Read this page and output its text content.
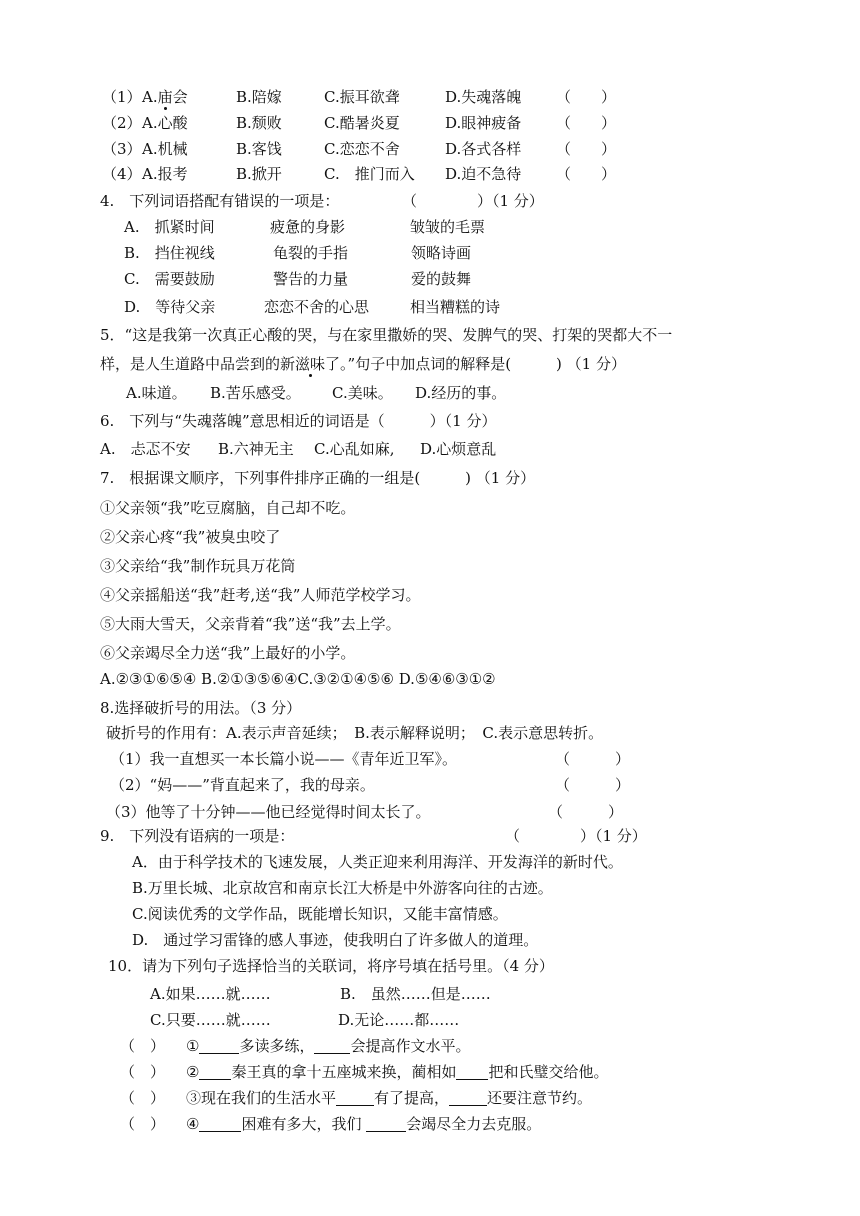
（1） A.庙会	B.陪嫁	C.振耳欲聋	D.失魂落魄 （　　）
（2） A.心酸	B.颓败	C.酷暑炎夏	D.眼神疲备 （　　）
（3） A.机械	B.客饯	C.恋恋不舍	D.各式各样 （　　）
（4） A.报考	B.掀开	C.　推门而入 D.迫不急待 （　　）
4.　下列词语搭配有错误的一项是：	（　　　　）（1 分）
A.　抓紧时间	疲惫的身影	皱皱的毛票
B.　挡住视线	龟裂的手指	领略诗画
C.　需要鼓励	警告的力量	爱的鼓舞
D.　等待父亲	恋恋不舍的心思	相当糟糕的诗
5．“这是我第一次真正心酸的哭，与在家里撒娇的哭、发脾气的哭、打架的哭都大不一
样，是人生道路中品尝到的新滋味了。”句子中加点词的解释是(　　　) （1 分）
A.味道。 B.苦乐感受。 C.美味。 D.经历的事。
6.　下列与“失魂落魄”意思相近的词语是（　　　）（1 分）
A.　忐忑不安 B.六神无主 C.心乱如麻, D.心烦意乱
7.　根据课文顺序，下列事件排序正确的一组是(　　　) （1 分）
①父亲领“我”吃豆腐脑，自己却不吃。
②父亲心疼“我”被臭虫咬了
③父亲给“我”制作玩具万花筒
④父亲摇船送“我”赶考,送“我”人师范学校学习。
⑤大雨大雪天，父亲背着“我”送“我”去上学。
⑥父亲竭尽全力送“我”上最好的小学。
A.②③①⑥⑤④ B.②①③⑤⑥④C.③②①④⑤⑥ D.⑤④⑥③①②
8.选择破折号的用法。（3 分）
破折号的作用有：A.表示声音延续；　B.表示解释说明；　C.表示意思转折。
（1）我一直想买一本长篇小说——《青年近卫军》。	（　　　）
（2）“妈——”背直起来了，我的母亲。	（　　　）
（3）他等了十分钟——他已经觉得时间太长了。	（　　　）
9.　下列没有语病的一项是：	（　　　　）（1 分）
A．由于科学技术的飞速发展，人类正迎来利用海洋、开发海洋的新时代。
B.万里长城、北京故宫和南京长江大桥是中外游客向往的古迹。
C.阅读优秀的文学作品，既能增长知识，又能丰富情感。
D.　通过学习雷锋的感人事迹，使我明白了许多做人的道理。
10．请为下列句子选择恰当的关联词，将序号填在括号里。（4 分）
A.如果……就……	B.　虽然……但是……
C.只要……就……	D.无论……都……
（　） ①	多读多练， 会提高作文水平。
（　） ② 秦王真的拿十五座城来换，蔺相如 把和氏璧交给他。
（　） ③现在我们的生活水平	有了提高，	还要注意节约。
（　） ④	困难有多大，我们	会竭尽全力去克服。
